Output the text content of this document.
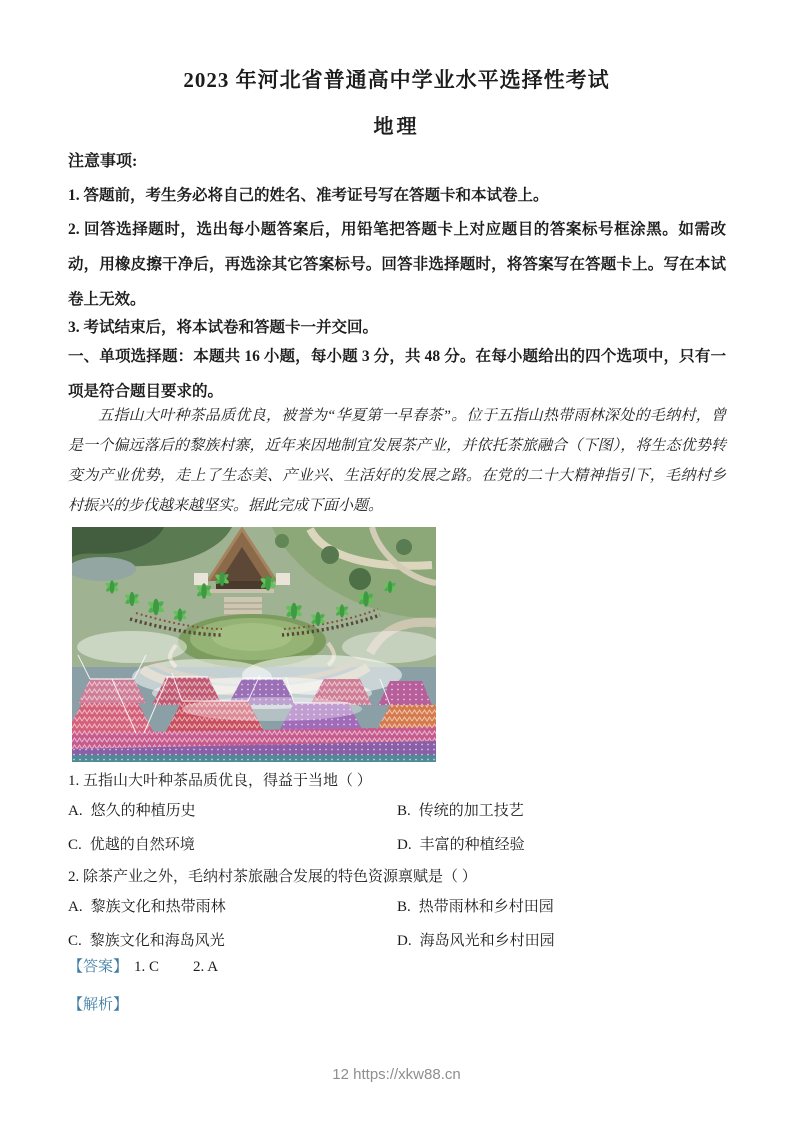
2023 年河北省普通高中学业水平选择性考试
地理
注意事项:
1. 答题前，考生务必将自己的姓名、准考证号写在答题卡和本试卷上。
2. 回答选择题时，选出每小题答案后，用铅笔把答题卡上对应题目的答案标号框涂黑。如需改动，用橡皮擦干净后，再选涂其它答案标号。回答非选择题时，将答案写在答题卡上。写在本试卷上无效。
3. 考试结束后，将本试卷和答题卡一并交回。
一、单项选择题：本题共 16 小题，每小题 3 分，共 48 分。在每小题给出的四个选项中，只有一项是符合题目要求的。
五指山大叶种茶品质优良，被誉为“华夏第一早春茶”。位于五指山热带雨林深处的毛纳村，曾是一个偏远落后的黎族村寨，近年来因地制宜发展茶产业，并依托茶旅融合（下图），将生态优势转变为产业优势，走上了生态美、产业兴、生活好的发展之路。在党的二十大精神指引下，毛纳村乡村振兴的步伐越来越坚实。据此完成下面小题。
1. 五指山大叶种茶品质优良，得益于当地（ ）
A. 悠久的种植历史	B. 传统的加工技艺
C. 优越的自然环境	D. 丰富的种植经验
2. 除茶产业之外，毛纳村茶旅融合发展的特色资源禀赋是（ ）
A. 黎族文化和热带雨林	B. 热带雨林和乡村田园
C. 黎族文化和海岛风光	D. 海岛风光和乡村田园
【答案】 1. C 2. A
【解析】
12 https://xkw88.cn
